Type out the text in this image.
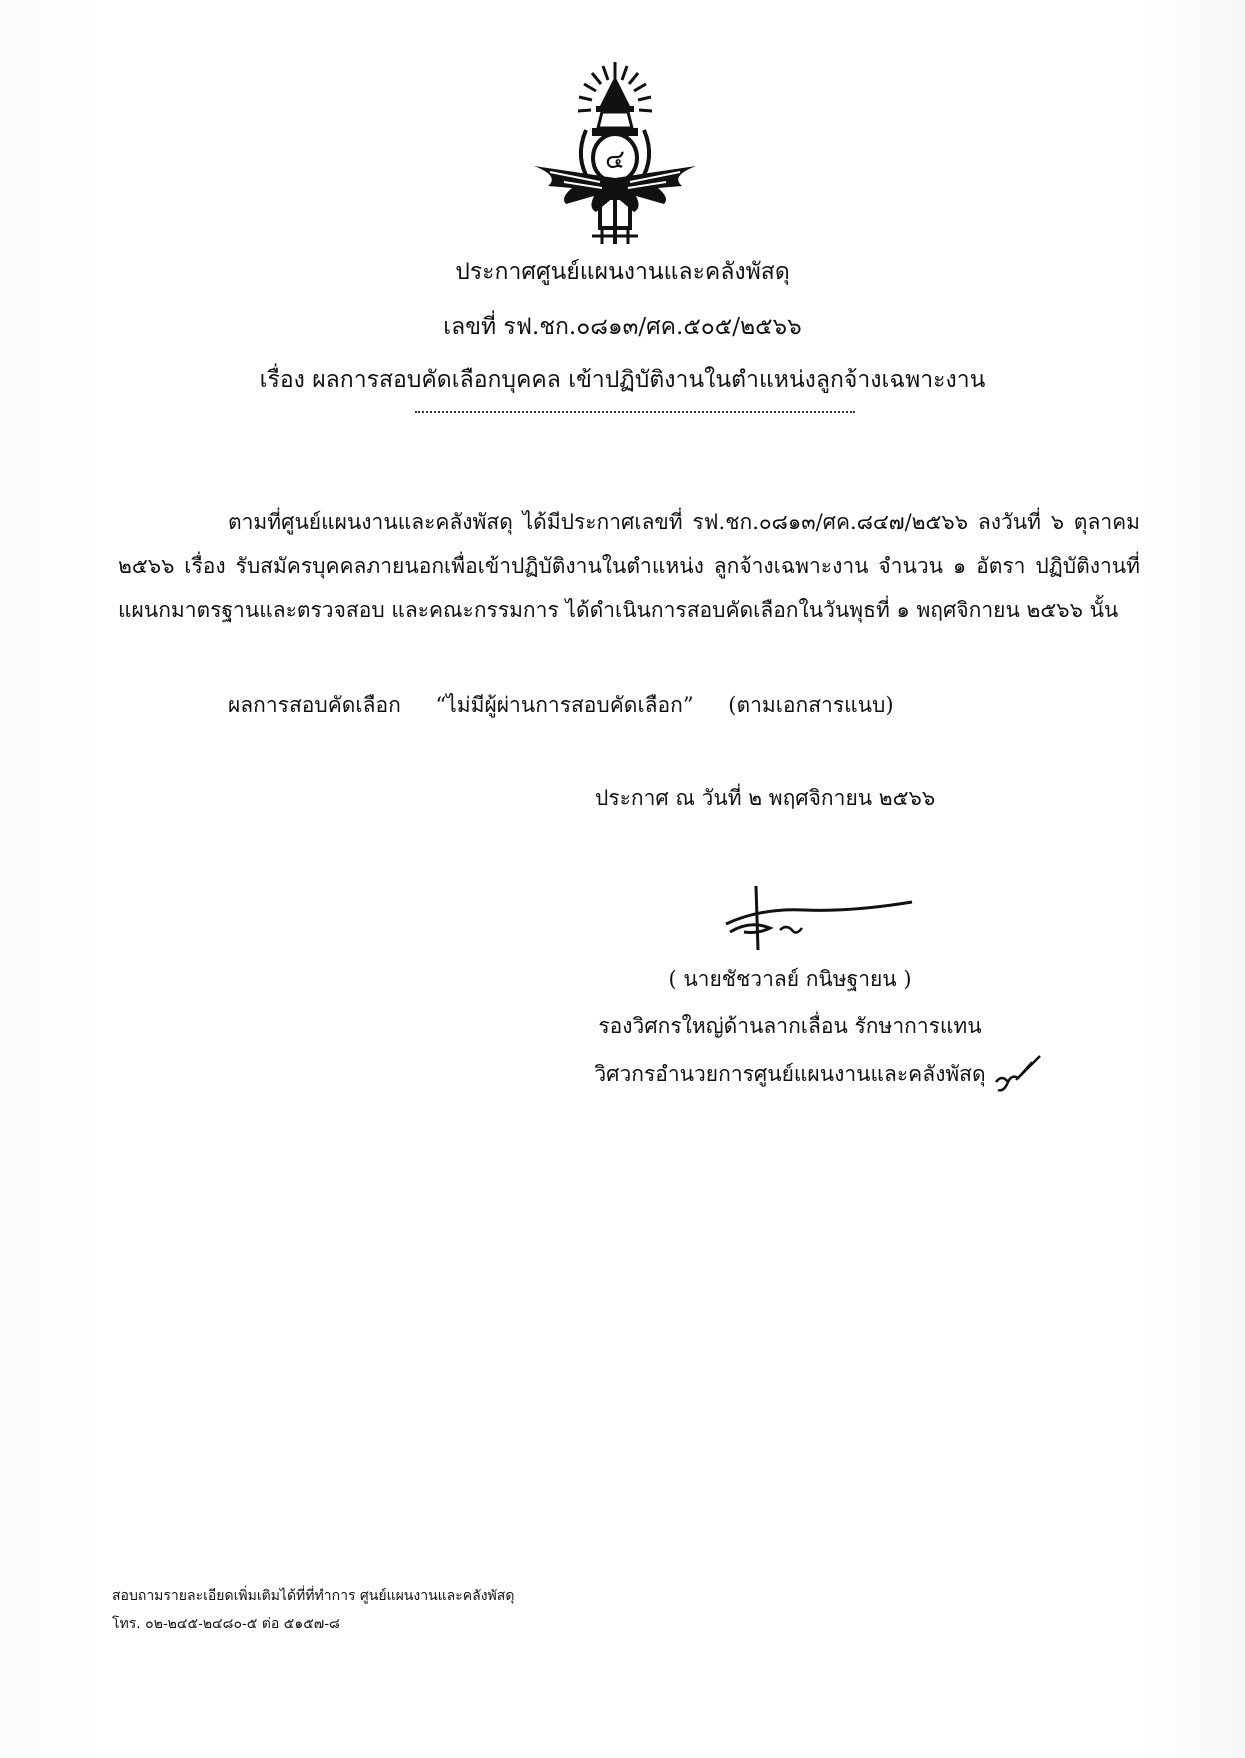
๔
ประกาศศูนย์แผนงานและคลังพัสดุ
เลขที่ รฟ.ชก.๐๘๑๓/ศค.๕๐๕/๒๕๖๖
เรื่อง ผลการสอบคัดเลือกบุคคล เข้าปฏิบัติงานในตำแหน่งลูกจ้างเฉพาะงาน
ตามที่ศูนย์แผนงานและคลังพัสดุ ได้มีประกาศเลขที่ รฟ.ชก.๐๘๑๓/ศค.๘๔๗/๒๕๖๖ ลงวันที่ ๖ ตุลาคม
๒๕๖๖ เรื่อง รับสมัครบุคคลภายนอกเพื่อเข้าปฏิบัติงานในตำแหน่ง ลูกจ้างเฉพาะงาน จำนวน ๑ อัตรา ปฏิบัติงานที่
แผนกมาตรฐานและตรวจสอบ และคณะกรรมการ ได้ดำเนินการสอบคัดเลือกในวันพุธที่ ๑ พฤศจิกายน ๒๕๖๖ นั้น
ผลการสอบคัดเลือก “ไม่มีผู้ผ่านการสอบคัดเลือก” (ตามเอกสารแนบ)
ประกาศ ณ วันที่ ๒ พฤศจิกายน ๒๕๖๖
( นายชัชวาลย์ กนิษฐายน )
รองวิศกรใหญ่ด้านลากเลื่อน รักษาการแทน
วิศวกรอำนวยการศูนย์แผนงานและคลังพัสดุ
สอบถามรายละเอียดเพิ่มเติมได้ที่ที่ทำการ ศูนย์แผนงานและคลังพัสดุ
โทร. ๐๒-๒๔๕-๒๔๘๐-๕ ต่อ ๕๑๕๗-๘
